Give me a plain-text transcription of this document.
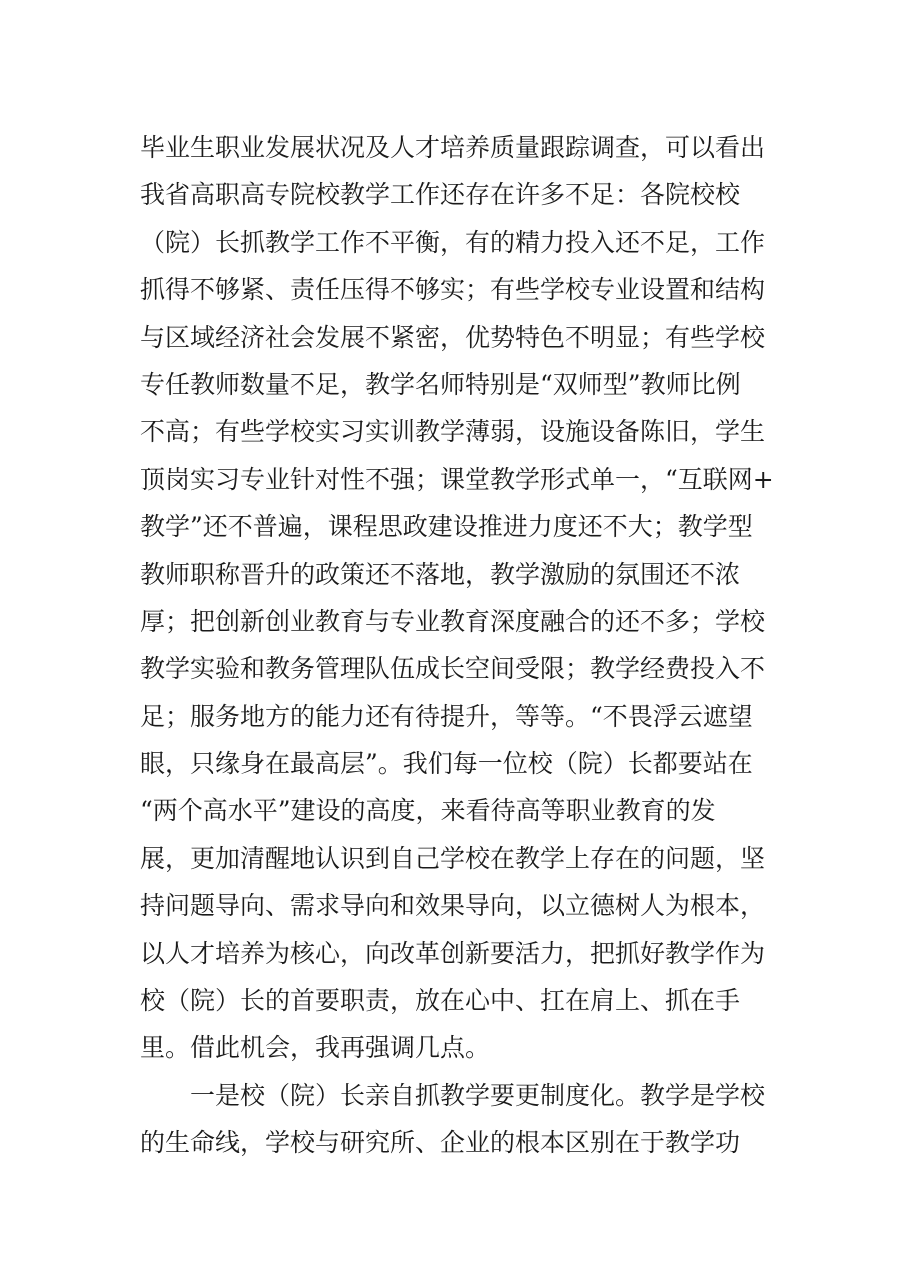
毕业生职业发展状况及人才培养质量跟踪调查，可以看出
我省高职高专院校教学工作还存在许多不足：各院校校
（院）长抓教学工作不平衡，有的精力投入还不足，工作
抓得不够紧、责任压得不够实；有些学校专业设置和结构
与区域经济社会发展不紧密，优势特色不明显；有些学校
专任教师数量不足，教学名师特别是“双师型”教师比例
不高；有些学校实习实训教学薄弱，设施设备陈旧，学生
顶岗实习专业针对性不强；课堂教学形式单一，“互联网+
教学”还不普遍，课程思政建设推进力度还不大；教学型
教师职称晋升的政策还不落地，教学激励的氛围还不浓
厚；把创新创业教育与专业教育深度融合的还不多；学校
教学实验和教务管理队伍成长空间受限；教学经费投入不
足；服务地方的能力还有待提升，等等。“不畏浮云遮望
眼，只缘身在最高层”。我们每一位校（院）长都要站在
“两个高水平”建设的高度，来看待高等职业教育的发
展，更加清醒地认识到自己学校在教学上存在的问题，坚
持问题导向、需求导向和效果导向，以立德树人为根本，
以人才培养为核心，向改革创新要活力，把抓好教学作为
校（院）长的首要职责，放在心中、扛在肩上、抓在手
里。借此机会，我再强调几点。
一是校（院）长亲自抓教学要更制度化。教学是学校
的生命线，学校与研究所、企业的根本区别在于教学功
